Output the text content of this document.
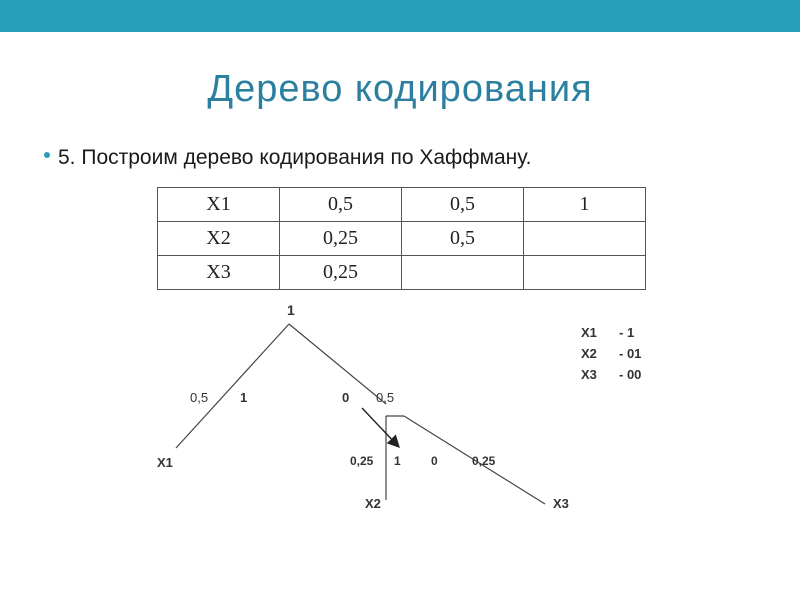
Дерево кодирования
5. Построим дерево кодирования по Хаффману.
X1	0,5	0,5	1
X2	0,25	0,5	
X3	0,25		
1
0,5 1	0 0,5
X1	0,25 1	0	0,25
X2	X3
X1 - 1
X2 - 01
X3 - 00
